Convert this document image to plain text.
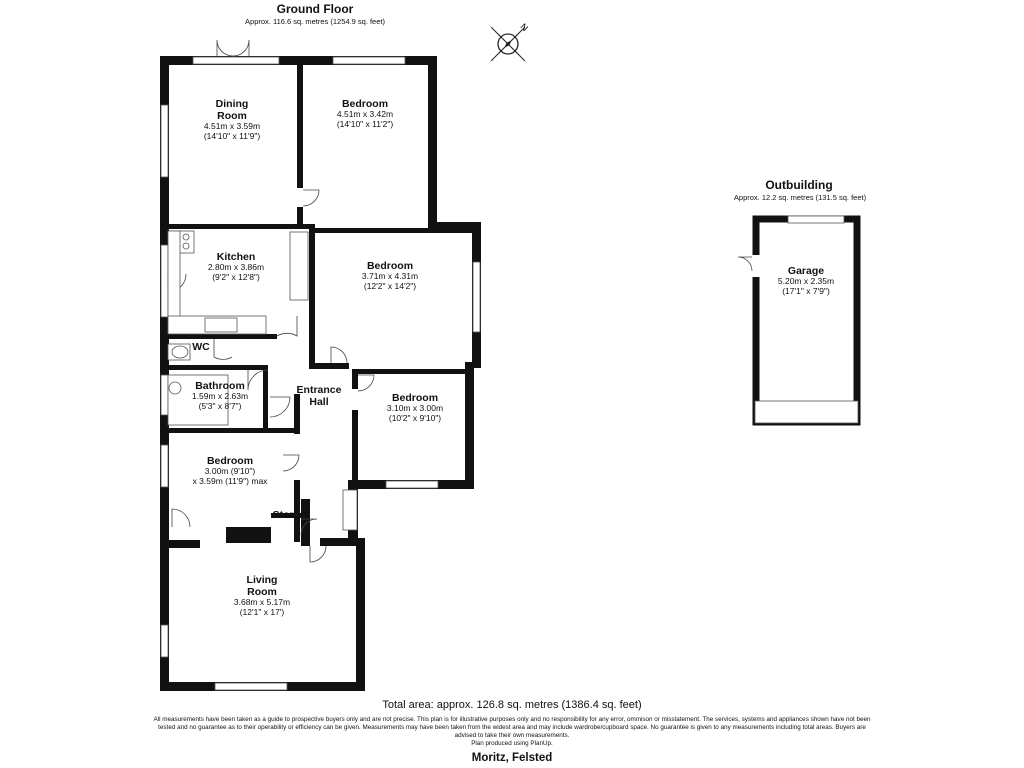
N
Ground Floor
Approx. 116.6 sq. metres (1254.9 sq. feet)
Outbuilding
Approx. 12.2 sq. metres (131.5 sq. feet)
Dining
Room
4.51m x 3.59m
(14'10" x 11'9")
Bedroom
4.51m x 3.42m
(14'10" x 11'2")
Kitchen
2.80m x 3.86m
(9'2" x 12'8")
Bedroom
3.71m x 4.31m
(12'2" x 14'2")
WC
Bathroom
1.59m x 2.63m
(5'3" x 8'7")
Entrance
Hall	Bedroom
3.10m x 3.00m
(10'2" x 9'10")
Bedroom
3.00m (9'10")
x 3.59m (11'9") max
Store
Living
Room
3.68m x 5.17m
(12'1" x 17')
Garage
5.20m x 2.35m
(17'1" x 7'9")
Total area: approx. 126.8 sq. metres (1386.4 sq. feet)
All measurements have been taken as a guide to prospective buyers only and are not precise. This plan is for illustrative purposes only and no responsibility for any error, ommison or misstatement. The services, systems and appliances shown have not been tested and no guarantee as to their operability or efficiency can be given. Measurements may have been taken from the widest area and may include wardrobe/cupboard space. No guarantee is given to any measurements including total areas. Buyers are advised to take their own measurements.
Plan produced using PlanUp.
Moritz, Felsted
